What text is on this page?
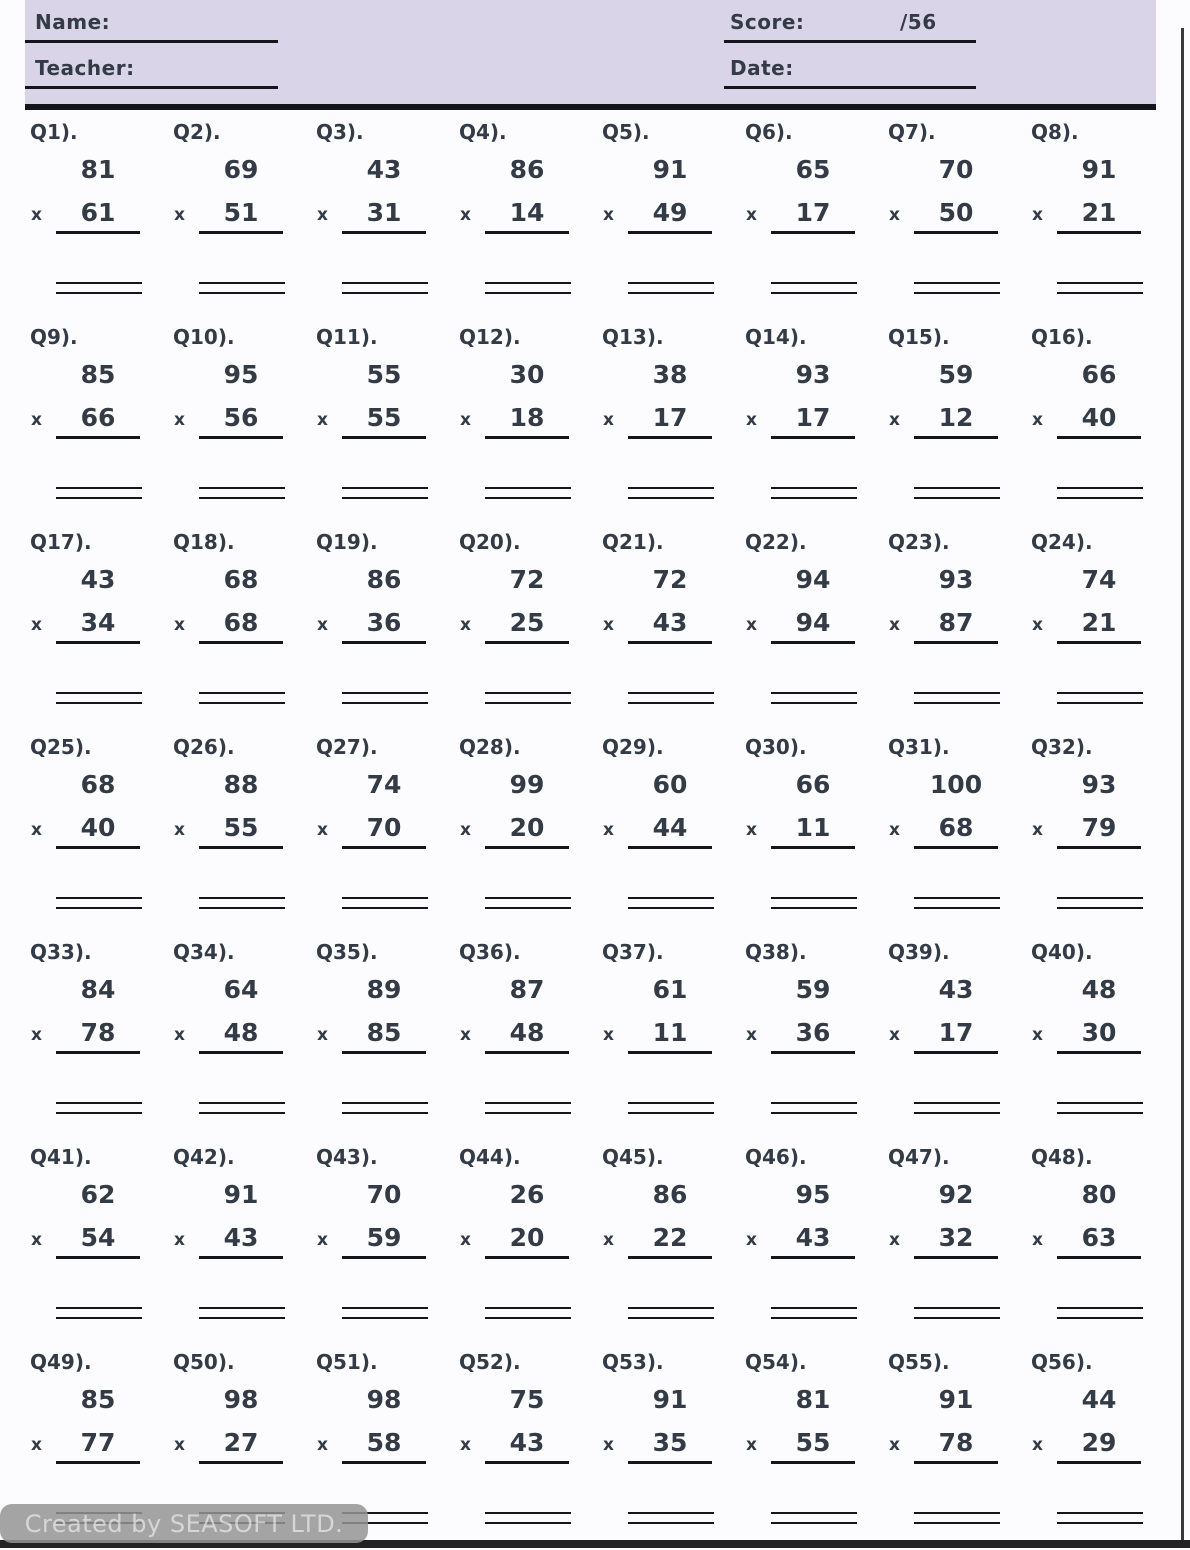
Name:
Teacher:
Score:	/56
Date:
Q1).
81
x	61
Q2).
69
x	51
Q3).
43
x	31
Q4).
86
x	14
Q5).
91
x	49
Q6).
65
x	17
Q7).
70
x	50
Q8).
91
x	21
Q9).
85
x	66
Q10).
95
x	56
Q11).
55
x	55
Q12).
30
x	18
Q13).
38
x	17
Q14).
93
x	17
Q15).
59
x	12
Q16).
66
x	40
Q17).
43
x	34
Q18).
68
x	68
Q19).
86
x	36
Q20).
72
x	25
Q21).
72
x	43
Q22).
94
x	94
Q23).
93
x	87
Q24).
74
x	21
Q25).
68
x	40
Q26).
88
x	55
Q27).
74
x	70
Q28).
99
x	20
Q29).
60
x	44
Q30).
66
x	11
Q31).
100
x	68
Q32).
93
x	79
Q33).
84
x	78
Q34).
64
x	48
Q35).
89
x	85
Q36).
87
x	48
Q37).
61
x	11
Q38).
59
x	36
Q39).
43
x	17
Q40).
48
x	30
Q41).
62
x	54
Q42).
91
x	43
Q43).
70
x	59
Q44).
26
x	20
Q45).
86
x	22
Q46).
95
x	43
Q47).
92
x	32
Q48).
80
x	63
Q49).
85
x	77
Q50).
98
x	27
Q51).
98
x	58
Q52).
75
x	43
Q53).
91
x	35
Q54).
81
x	55
Q55).
91
x	78
Q56).
44
x	29
Created by SEASOFT LTD.
